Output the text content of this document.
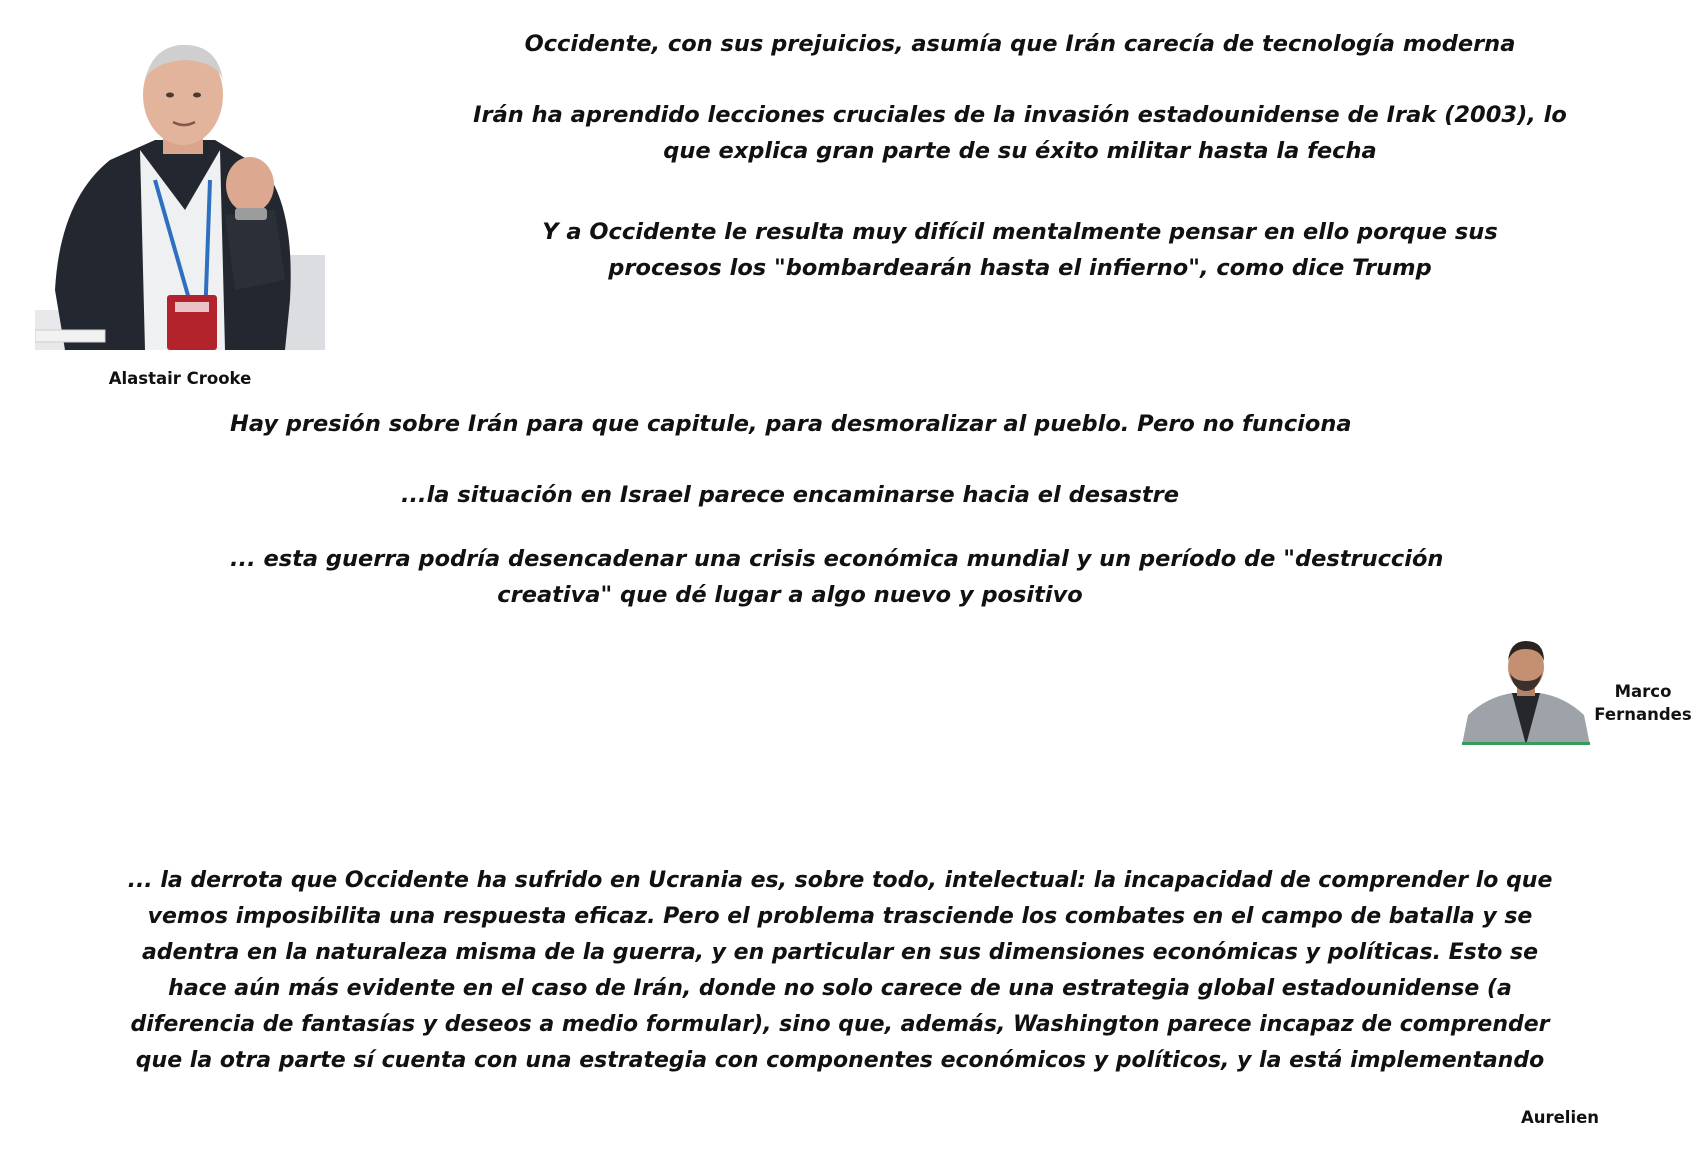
Alastair Crooke
Occidente, con sus prejuicios, asumía que Irán carecía de tecnología moderna
Irán ha aprendido lecciones cruciales de la invasión estadounidense de Irak (2003), lo
que explica gran parte de su éxito militar hasta la fecha
Y a Occidente le resulta muy difícil mentalmente pensar en ello porque sus
procesos los "bombardearán hasta el infierno", como dice Trump
Hay presión sobre Irán para que capitule, para desmoralizar al pueblo. Pero no funciona
...la situación en Israel parece encaminarse hacia el desastre
... esta guerra podría desencadenar una crisis económica mundial y un período de "destrucción
creativa" que dé lugar a algo nuevo y positivo
Marco
Fernandes
... la derrota que Occidente ha sufrido en Ucrania es, sobre todo, intelectual: la incapacidad de comprender lo que
vemos imposibilita una respuesta eficaz. Pero el problema trasciende los combates en el campo de batalla y se
adentra en la naturaleza misma de la guerra, y en particular en sus dimensiones económicas y políticas. Esto se
hace aún más evidente en el caso de Irán, donde no solo carece de una estrategia global estadounidense (a
diferencia de fantasías y deseos a medio formular), sino que, además, Washington parece incapaz de comprender
que la otra parte sí cuenta con una estrategia con componentes económicos y políticos, y la está implementando
Aurelien
